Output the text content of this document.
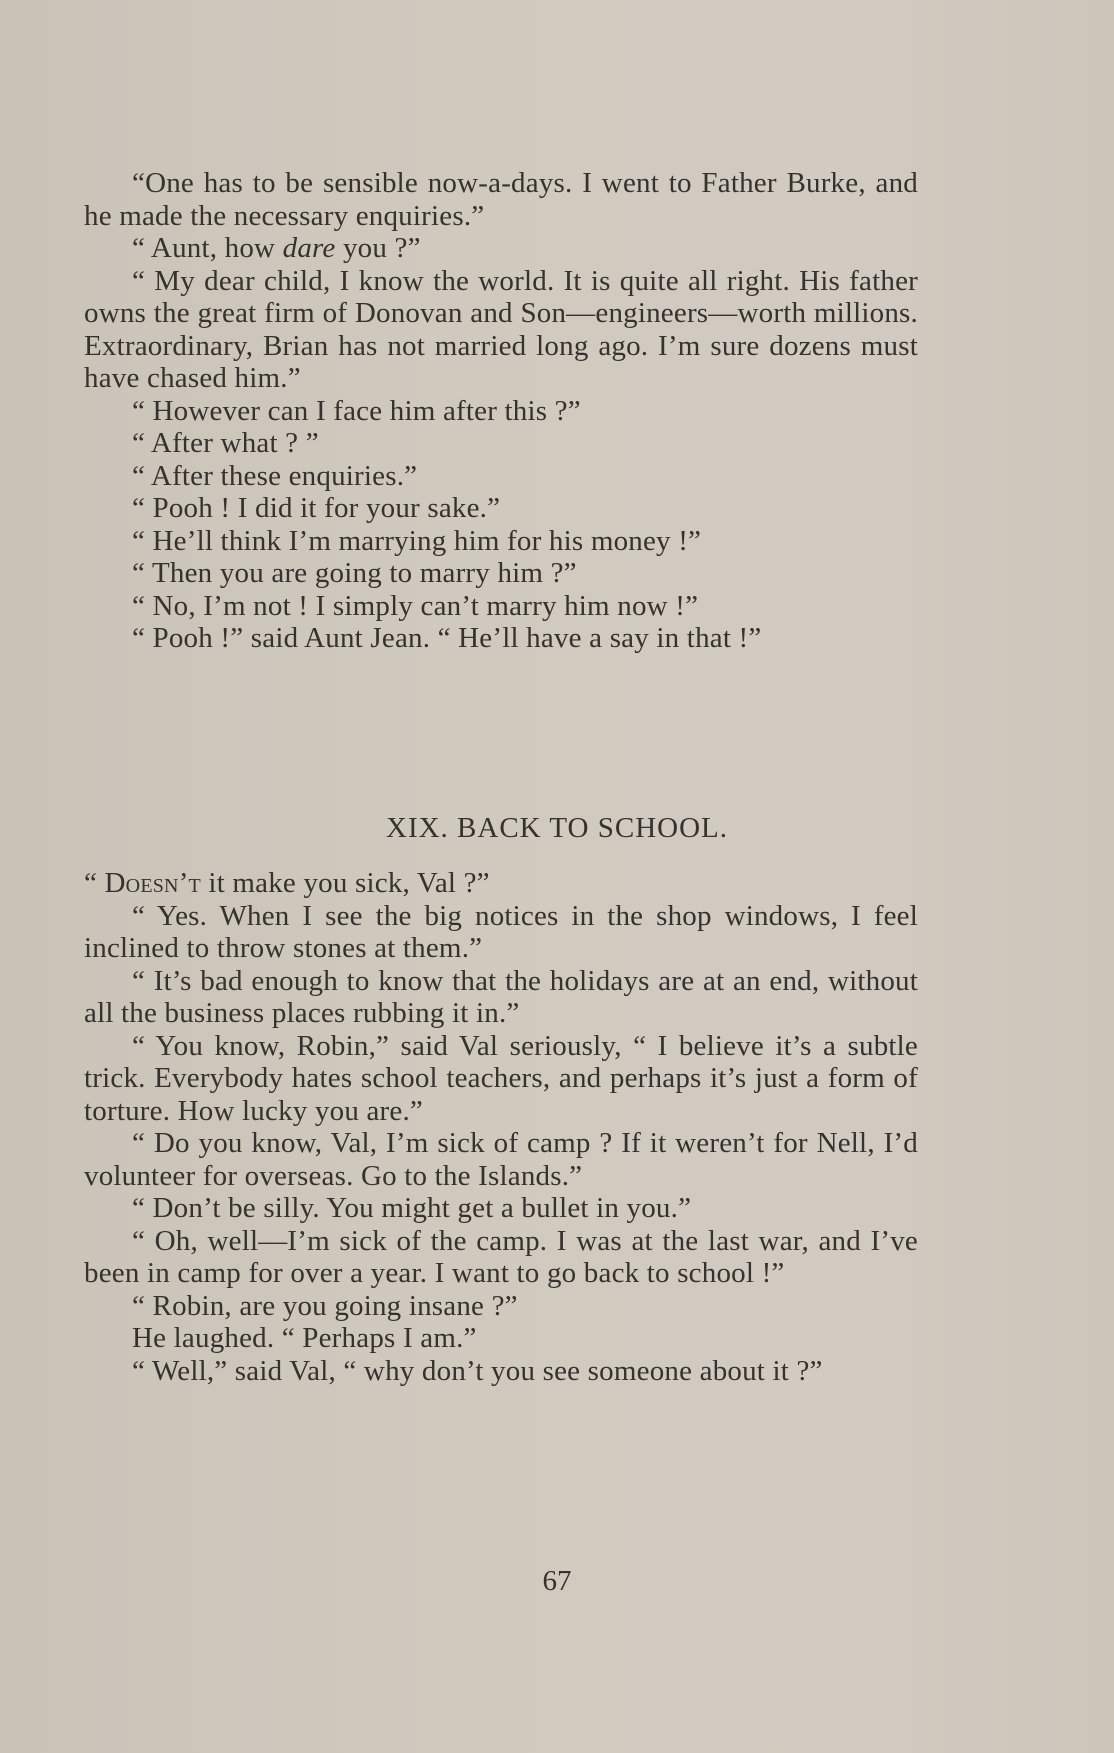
“One has to be sensible now-a-days. I went to Father Burke, and he made the necessary enquiries.”

“ Aunt, how dare you ?”

“ My dear child, I know the world. It is quite all right. His father owns the great firm of Donovan and Son—engineers—worth millions. Extraordinary, Brian has not married long ago. I’m sure dozens must have chased him.”

“ However can I face him after this ?”

“ After what ? ”

“ After these enquiries.”

“ Pooh ! I did it for your sake.”

“ He’ll think I’m marrying him for his money !”

“ Then you are going to marry him ?”

“ No, I’m not ! I simply can’t marry him now !”

“ Pooh !” said Aunt Jean. “ He’ll have a say in that !”

XIX. BACK TO SCHOOL.

“ Doesn’t it make you sick, Val ?”

“ Yes. When I see the big notices in the shop windows, I feel inclined to throw stones at them.”

“ It’s bad enough to know that the holidays are at an end, without all the business places rubbing it in.”

“ You know, Robin,” said Val seriously, “ I believe it’s a subtle trick. Everybody hates school teachers, and perhaps it’s just a form of torture. How lucky you are.”

“ Do you know, Val, I’m sick of camp ? If it weren’t for Nell, I’d volunteer for overseas. Go to the Islands.”

“ Don’t be silly. You might get a bullet in you.”

“ Oh, well—I’m sick of the camp. I was at the last war, and I’ve been in camp for over a year. I want to go back to school !”

“ Robin, are you going insane ?”

He laughed. “ Perhaps I am.”

“ Well,” said Val, “ why don’t you see someone about it ?”

67
